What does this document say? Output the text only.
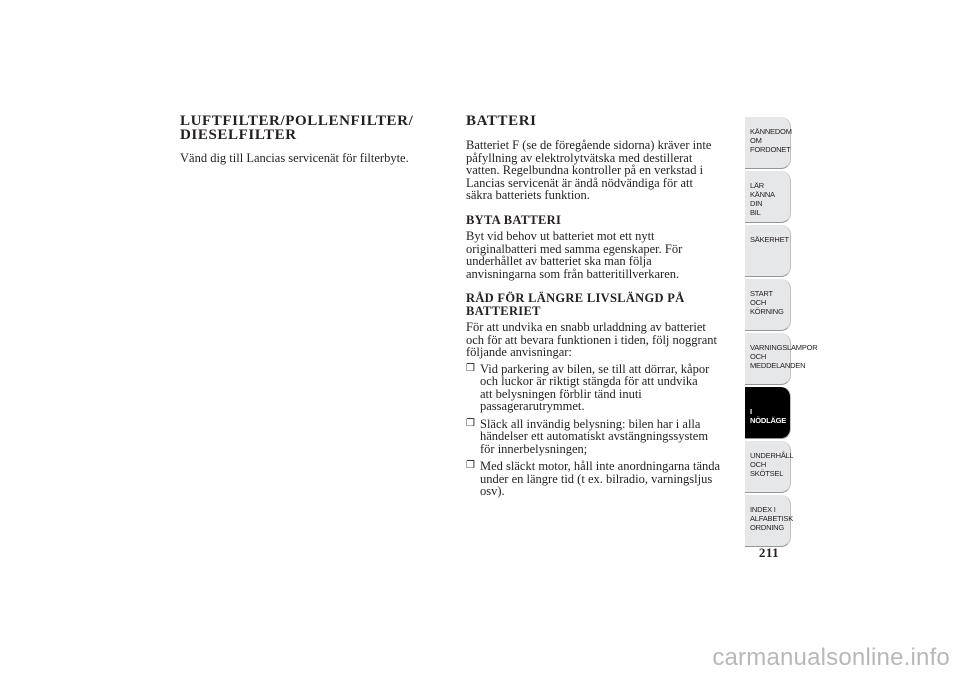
LUFTFILTER/POLLENFILTER/
DIESELFILTER

Vänd dig till Lancias servicenät för filterbyte.

BATTERI
Batteriet F (se de föregående sidorna) kräver inte
påfyllning av elektrolytvätska med destillerat
vatten. Regelbundna kontroller på en verkstad i
Lancias servicenät är ändå nödvändiga för att
säkra batteriets funktion.
BYTA BATTERI
Byt vid behov ut batteriet mot ett nytt
originalbatteri med samma egenskaper. För
underhållet av batteriet ska man följa
anvisningarna som från batteritillverkaren.
RÅD FÖR LÄNGRE LIVSLÄNGD PÅ
BATTERIET
För att undvika en snabb urladdning av batteriet
och för att bevara funktionen i tiden, följ noggrant
följande anvisningar:
❒ Vid parkering av bilen, se till att dörrar, kåpor
och luckor är riktigt stängda för att undvika
att belysningen förblir tänd inuti
passagerarutrymmet.
❒ Släck all invändig belysning: bilen har i alla
händelser ett automatiskt avstängningssystem
för innerbelysningen;
❒ Med släckt motor, håll inte anordningarna tända
under en längre tid (t ex. bilradio, varningsljus
osv).
KÄNNEDOM OM
FORDONET
LÄR KÄNNA DIN
BIL
SÄKERHET
START OCH
KÖRNING
VARNINGSLAMPOR
OCH
MEDDELANDEN
I NÖDLÄGE
UNDERHÅLL OCH
SKÖTSEL
INDEX I
ALFABETISK
ORDNING
211
carmanualsonline.info
